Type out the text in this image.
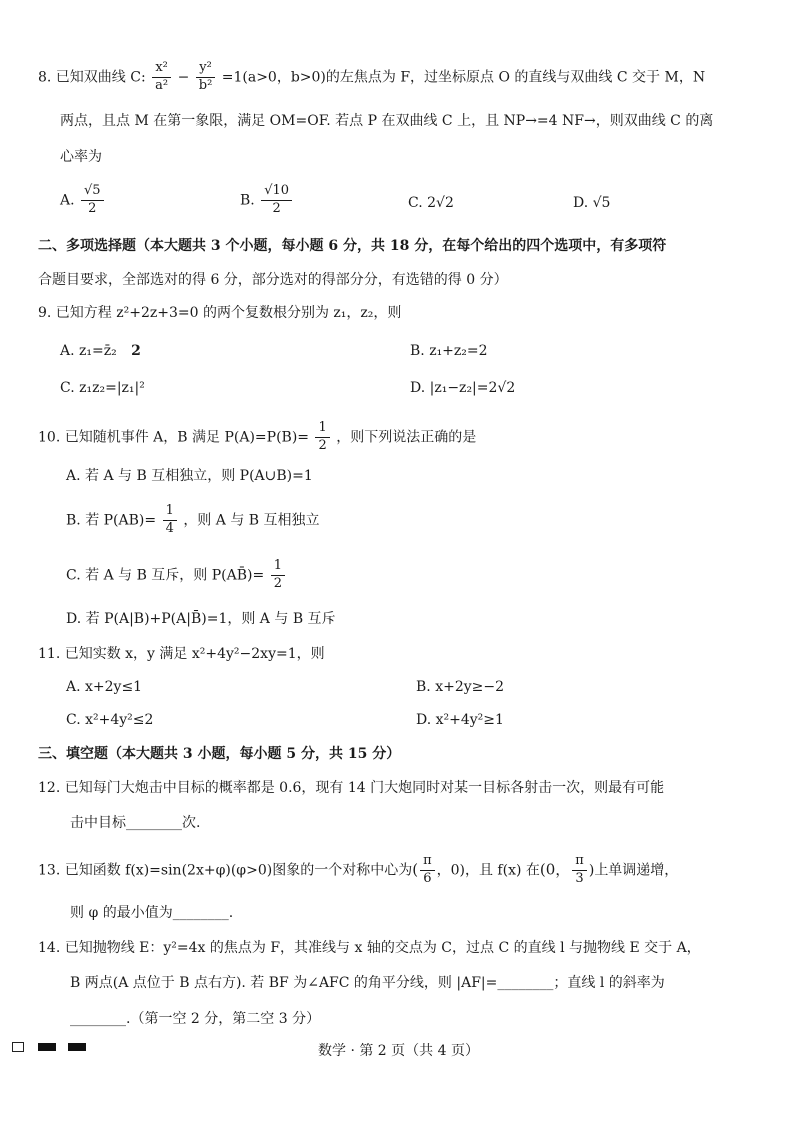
8. 已知双曲线 C: $\frac{\text{x²}}{\text{a²}} - \frac{\text{y²}}{\text{b²}} =1(a>0$，b>0)的左焦点为 F，过坐标原点 O 的直线与双曲线 C 交于 M，N
两点，且点 M 在第一象限，满足 OM=OF. 若点 P 在双曲线 C 上，且 NP→=4 NF→，则双曲线 C 的离
心率为
A. $\frac{√5}{2}$	B. $\frac{√10}{2}$	C. 2√2	D. √5
二、多项选择题（本大题共 3 个小题，每小题 6 分，共 18 分，在每个给出的四个选项中，有多项符
合题目要求，全部选对的得 6 分，部分选对的得部分分，有选错的得 0 分）
9. 已知方程 z²+2z+3=0 的两个复数根分别为 z₁，z₂，则
A. z₁=z̄₂ 2	B. z₁+z₂=2
C. z₁z₂=|z₁|²	D. |z₁−z₂|=2√2
10. 已知随机事件 A，B 满足 $P(A)=P(B)= \frac{1}{2}$ ，则下列说法正确的是
A. 若 A 与 B 互相独立，则 P(A∪B)=1
B. 若 $P(AB)= \frac{1}{4}$ ，则 A 与 B 互相独立
C. 若 A 与 B 互斥，则 P(AB̄)= $\frac{1}{2}$
D. 若 P(A|B)+P(A|B̄)=1，则 A 与 B 互斥
11. 已知实数 x，y 满足 x²+4y²−2xy=1，则
A. x+2y≤1	B. x+2y≥−2
C. x²+4y²≤2	D. x²+4y²≥1
三、填空题（本大题共 3 小题，每小题 5 分，共 15 分）
12. 已知每门大炮击中目标的概率都是 0.6，现有 14 门大炮同时对某一目标各射击一次，则最有可能
击中目标________次.
13. 已知函数 f(x)=sin(2x+φ)(φ>0)图象的一个对称中心为( $\frac{\pi}{6}$ ，0)，且 f(x) 在(0， $\frac{\pi}{3}$ )上单调递增，
则 φ 的最小值为________.
14. 已知抛物线 E：y²=4x 的焦点为 F，其准线与 x 轴的交点为 C，过点 C 的直线 l 与抛物线 E 交于 A，
B 两点(A 点位于 B 点右方). 若 BF 为∠AFC 的角平分线，则 |AF|=________；直线 l 的斜率为
________.（第一空 2 分，第二空 3 分）
数学 · 第 2 页（共 4 页）
